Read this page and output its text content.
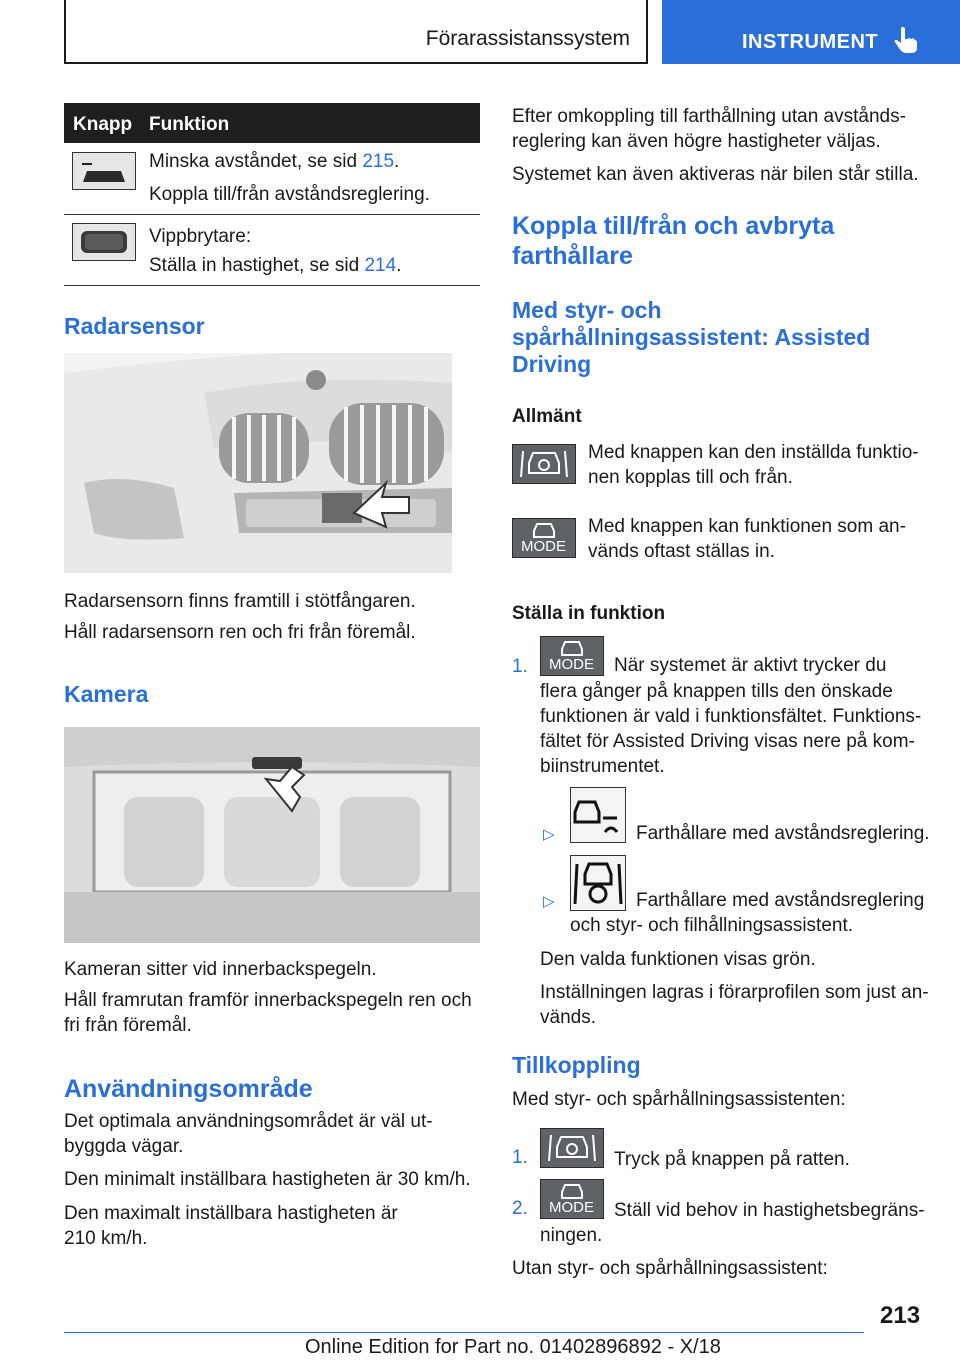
Förarassistanssystem	INSTRUMENT
Knapp Funktion
Minska avståndet, se sid 215.
Koppla till/från avståndsreglering.
Vippbrytare:
Ställa in hastighet, se sid 214.
Radarsensor
Radarsensorn finns framtill i stötfångaren.
Håll radarsensorn ren och fri från föremål.
Kamera
Kameran sitter vid innerbackspegeln.
Håll framrutan framför innerbackspegeln ren och
fri från föremål.
Användningsområde
Det optimala användningsområdet är väl ut-
byggda vägar.
Den minimalt inställbara hastigheten är 30 km/h.
Den maximalt inställbara hastigheten är
210 km/h.
Efter omkoppling till farthållning utan avstånds-
reglering kan även högre hastigheter väljas.
Systemet kan även aktiveras när bilen står stilla.
Koppla till/från och avbryta
farthållare
Med styr- och
spårhållningsassistent: Assisted
Driving
Allmänt
Med knappen kan den inställda funktio-
nen kopplas till och från.
MODE
Med knappen kan funktionen som an-
vänds oftast ställas in.
Ställa in funktion
1. MODE När systemet är aktivt trycker du
flera gånger på knappen tills den önskade
funktionen är vald i funktionsfältet. Funktions-
fältet för Assisted Driving visas nere på kom-
biinstrumentet.
▷	Farthållare med avståndsreglering.
▷	Farthållare med avståndsreglering
och styr- och filhållningsassistent.
Den valda funktionen visas grön.
Inställningen lagras i förarprofilen som just an-
vänds.
Tillkoppling
Med styr- och spårhållningsassistenten:
1.	Tryck på knappen på ratten.
2. MODE Ställ vid behov in hastighetsbegräns-
ningen.
Utan styr- och spårhållningsassistent:
213
Online Edition for Part no. 01402896892 - X/18
